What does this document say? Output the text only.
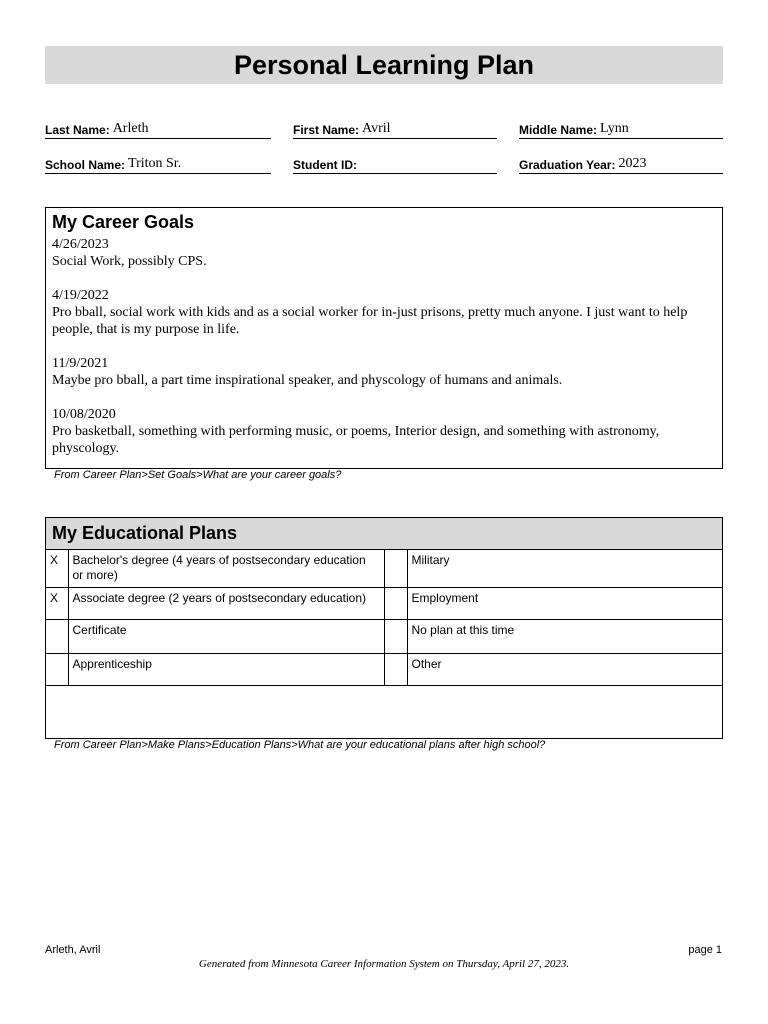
Personal Learning Plan
Last Name: Arleth	First Name: Avril	Middle Name: Lynn
School Name: Triton Sr.	Student ID:	Graduation Year: 2023
My Career Goals
4/26/2023
Social Work, possibly CPS.
4/19/2022
Pro bball, social work with kids and as a social worker for in-just prisons, pretty much anyone. I just want to help people, that is my purpose in life.
11/9/2021
Maybe pro bball, a part time inspirational speaker, and physcology of humans and animals.
10/08/2020
Pro basketball, something with performing music, or poems, Interior design, and something with astronomy, physcology.
From Career Plan>Set Goals>What are your career goals?
My Educational Plans
X	Bachelor's degree (4 years of postsecondary education or more)		Military
X	Associate degree (2 years of postsecondary education)		Employment
	Certificate		No plan at this time
	Apprenticeship		Other
From Career Plan>Make Plans>Education Plans>What are your educational plans after high school?
Arleth, Avril	page 1
Generated from Minnesota Career Information System on Thursday, April 27, 2023.
